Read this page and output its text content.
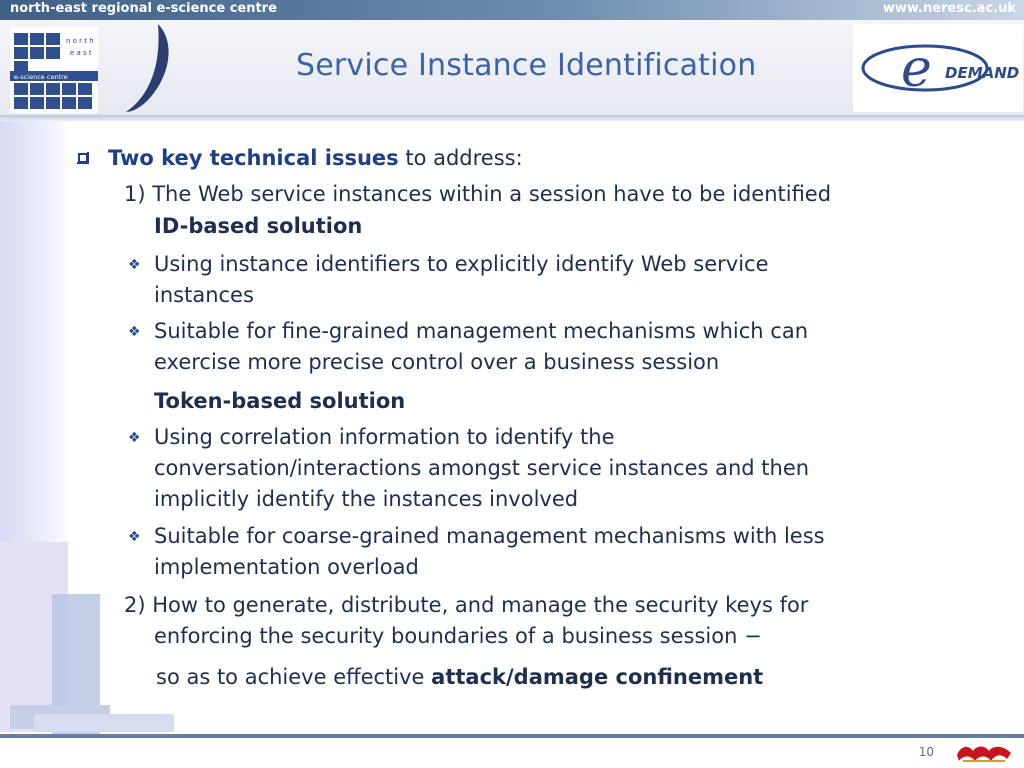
north-east regional e-science centre	www.neresc.ac.uk
n o r t h
e a s t
e-science centre	Service Instance Identification	e DEMAND
Two key technical issues to address:
1) The Web service instances within a session have to be identified
ID-based solution
❖ Using instance identifiers to explicitly identify Web service
instances
❖ Suitable for fine-grained management mechanisms which can
exercise more precise control over a business session
Token-based solution
❖ Using correlation information to identify the
conversation/interactions amongst service instances and then
implicitly identify the instances involved
❖ Suitable for coarse-grained management mechanisms with less
implementation overload
2) How to generate, distribute, and manage the security keys for
enforcing the security boundaries of a business session −
so as to achieve effective attack/damage confinement
10
